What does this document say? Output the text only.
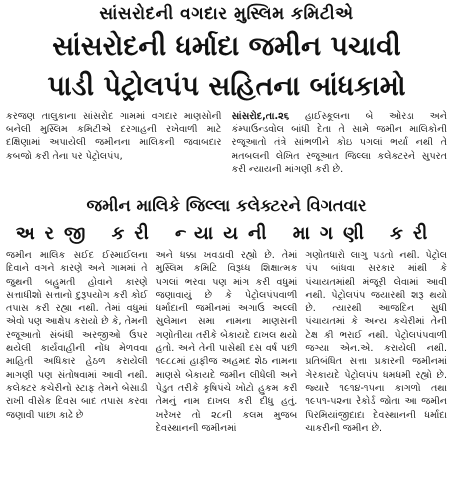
સાંસરોદની વગદાર મુસ્લિમ કમિટીએ
સાંસરોદની ધર્માદા જમીન પચાવી
પાડી પેટ્રોલપંપ સહિતના બાંધકામો
કરજણ તાલુકાના સાંસરોદ ગામમાં વગદાર માણસોની બનેલી મુસ્લિમ કમિટીએ દરગાહની રખેવાળી માટે દક્ષિણામાં અપાયેલી જમીનના માલિકની જવાબદાર કબજો કરી તેના પર પેટ્રોલપંપ,
સાંસરોદ,તા.૨૬ હાઈસ્કૂલના બે ઓરડા અને કંમ્પાઉન્ડવોલ બાંધી દેતા તે સામે જમીન માલિકોની રજૂઆતો તંત્રે સાંભળીને કોઇ પગલાં ભર્યા નથી તે મતબલની લેખિત રજૂઆત જિલ્લા કલેક્ટરને સુપરત કરી ન્યાયની માંગણી કરી છે.
જમીન માલિકે જિલ્લા કલેક્ટરને વિગતવાર
અરજી કરી ન્યાયની માગણી કરી
જમીન માલિક સઈદ ઈસ્માઈલના દિવાને વગને કારણે અને ગામમાં તે જુથની બહુમતી હોવાને કારણે સત્તાધીશો સત્તાનો દુરૂપયોગ કરી કોઈ તપાસ કરી રહ્યા નથી. તેમાં વધુમાં એવો પણ આક્ષેપ કરાયો છે કે, તેમની રજૂઆતો સંબંધી અરજીઓ ઉપર થયેલી કાર્યવાહીની નોંધ મેળવવા માહિતી અધિકાર હેઠળ કરાયેલી માગણી પણ સંતોષવામાં આવી નથી. કલેક્ટર કચેરીનો સ્ટાફ તેમને બેસાડી રાખી વીસેક દિવસ બાદ તપાસ કરવા જણાવી પાછા કાઢે છે
અને ધક્કા ખવડાવી રહ્યો છે. તેમાં મુસ્લિમ કમિટિ વિરૂધ્ધ શિક્ષાત્મક પગલાં ભરવા પણ માંગ કરી વધુમાં જણાવાયું છે કે પેટ્રોલપંપવાળી ધર્માદાની જમીનમાં અગાઉ અલ્લી સુલેમાન સમા નામના માણસની ગણોતીયા તરીકે બેકાયદે દાખલ થયો હતો. અને તેની પાસેથી દસ વર્ષ પછી ૧૯૮૮માં હાફીજ અહમદ શેઠ નામના માણસે બેકાયદે જમીન લીધેલી અને પેડુત તરીકે કૃષિપંચે ખોટો હુકમ કરી તેમનું નામ દાખલ કરી દીધુ હતું. ખરેખર તો ૨૮ની કલમ મુજબ દેવસ્થાનની જમીનમાં
ગણોતધારો લાગુ પડતો નથી. પેટ્રોલ પંપ બાંધવા સરકાર માંથી કે પંચાયતમાંથી મંજૂરી લેવામાં આવી નથી. પેટ્રોલપંપ જયારથી શરૂ થયો છે. ત્યારથી આજદિન સુધી પંચાયતમાં કે અન્ય કચેરીમાં તેની ટેક્ષ કી ભરાઈ નથી. પેટ્રોલપંપવાળી જગ્યા એન.એ. કરાયેલી નથી. પ્રતિબંધિત સત્તા પ્રકારની જમીનમાં ગેરકાયદે પેટ્રોલપંપ ધમધમી રહ્યો છે. જ્યારે ૧૯૧૪-૧૫ના કાગળો તથા ૧૯૫૧-૫૨ના રેકોર્ડ જોતા આ જમીન પિરમિયાંજીદાદા દેવસ્થાનની ધર્માદા ચાકરીની જમીન છે.
